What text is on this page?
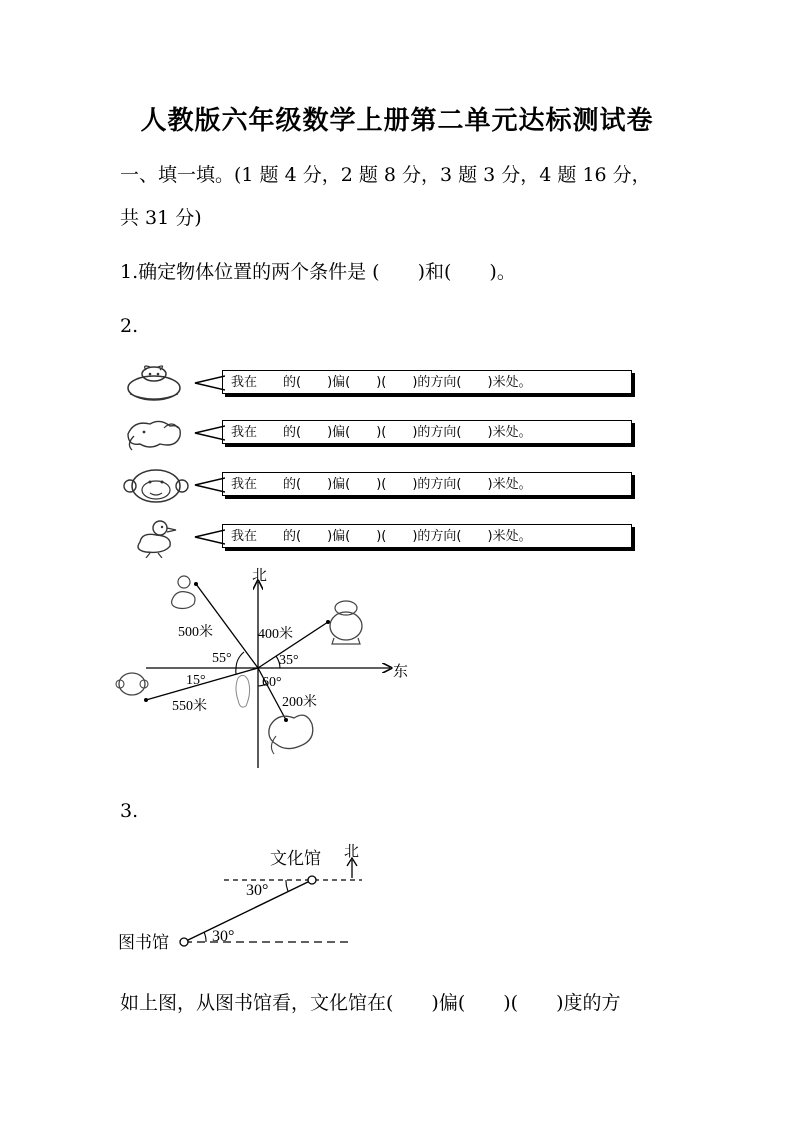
人教版六年级数学上册第二单元达标测试卷
一、填一填。(1 题 4 分，2 题 8 分，3 题 3 分，4 题 16 分，
共 31 分)
1.确定物体位置的两个条件是 (　　)和(　　)。
2.
我在　　的(　　)偏(　　)(　　)的方向(　　)米处。
我在　　的(　　)偏(　　)(　　)的方向(　　)米处。
我在　　的(　　)偏(　　)(　　)的方向(　　)米处。
我在　　的(　　)偏(　　)(　　)的方向(　　)米处。
北
东
500米	400米
550米	200米
55°	35°
15°	60°
3.
文化馆 北
30°
30°
图书馆
如上图，从图书馆看，文化馆在(　　)偏(　　)(　　)度的方
